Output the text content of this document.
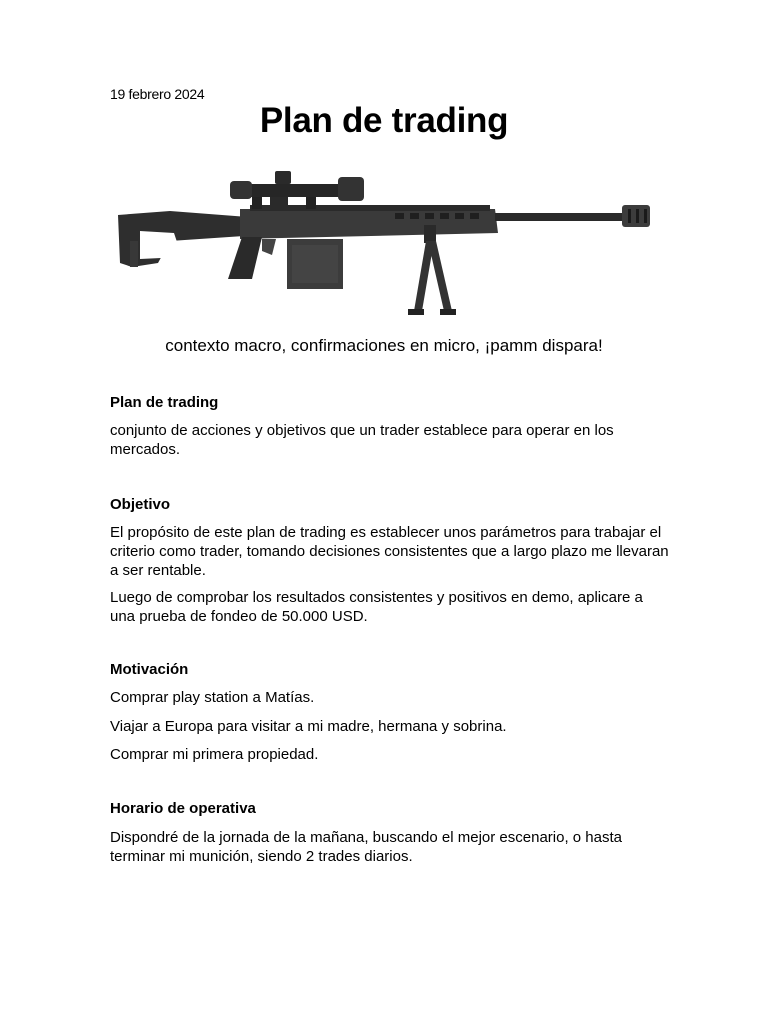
19 febrero 2024
Plan de trading
contexto macro, confirmaciones en micro, ¡pamm dispara!
Plan de trading
conjunto de acciones y objetivos que un trader establece para operar en los mercados.
Objetivo
El propósito de este plan de trading es establecer unos parámetros para trabajar el criterio como trader, tomando decisiones consistentes que a largo plazo me llevaran a ser rentable.
Luego de comprobar los resultados consistentes y positivos en demo, aplicare a una prueba de fondeo de 50.000 USD.
Motivación
Comprar play station a Matías.
Viajar a Europa para visitar a mi madre, hermana y sobrina.
Comprar mi primera propiedad.
Horario de operativa
Dispondré de la jornada de la mañana, buscando el mejor escenario, o hasta terminar mi munición, siendo 2 trades diarios.
